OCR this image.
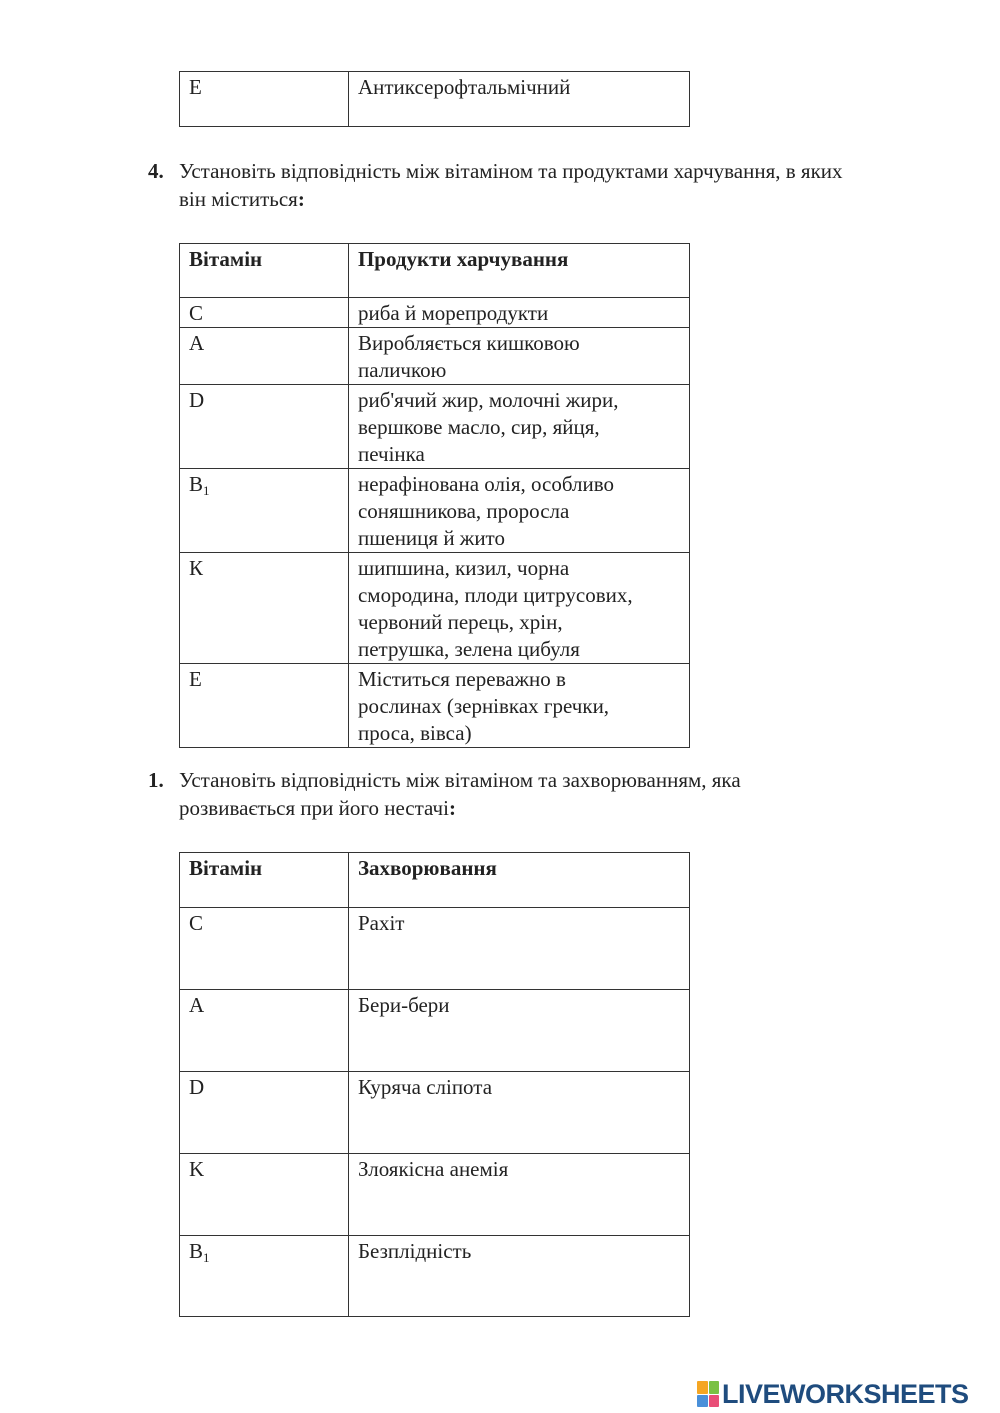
E	Антиксерофтальмічний
4. Установіть відповідність між вітаміном та продуктами харчування, в яких
він міститься:
Вітамін	Продукти харчування
C	риба й морепродукти

A	Виробляється кишковою
паличкою

D	риб'ячий жир, молочні жири,
вершкове масло, сир, яйця,
печінка

B1	нерафінована олія, особливо
соняшникова, проросла
пшениця й жито

К	шипшина, кизил, чорна
смородина, плоди цитрусових,
червоний перець, хрін,
петрушка, зелена цибуля

E	Міститься переважно в
рослинах (зернівках гречки,
проса, вівса)
1. Установіть відповідність між вітаміном та захворюванням, яка
розвивається при його нестачі:
Вітамін	Захворювання
C	Рахіт
A	Бери-бери
D	Куряча сліпота
K	Злоякісна анемія
B1	Безплідність
LIVEWORKSHEETS
